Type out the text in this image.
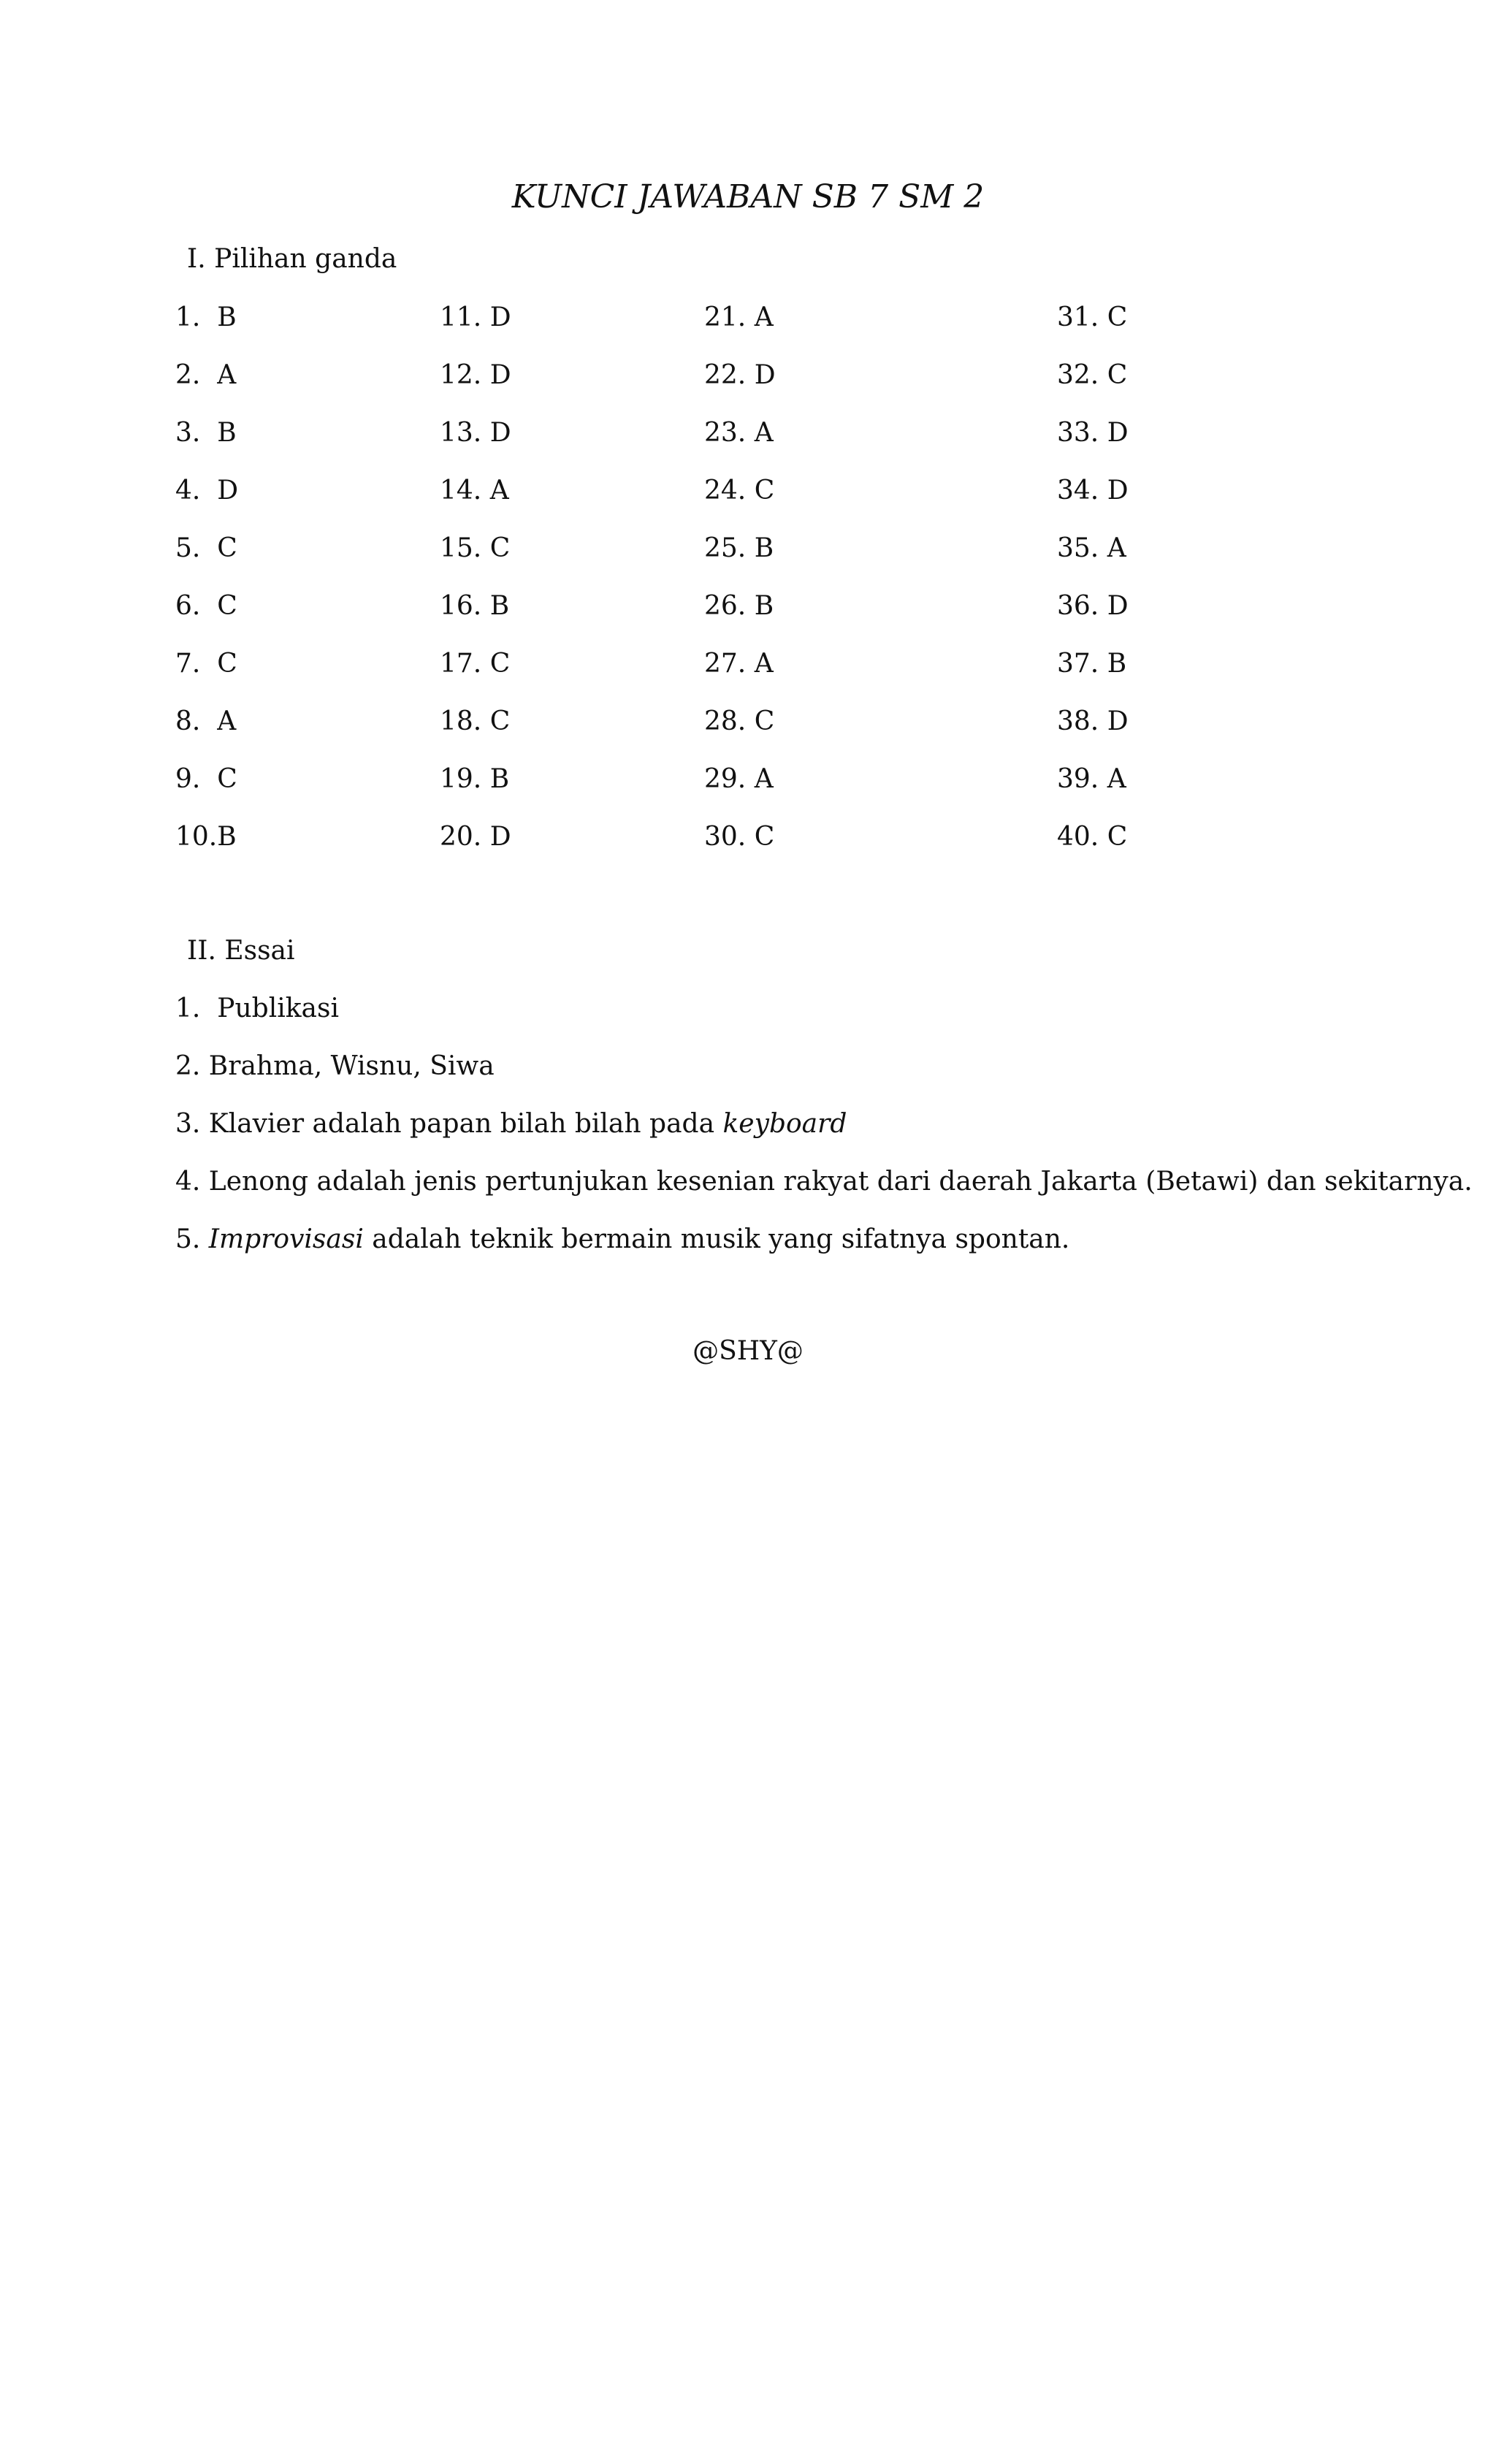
KUNCI JAWABAN SB 7 SM 2
I. Pilihan ganda
1.  B
2.  A
3.  B
4.  D
5.  C
6.  C
7.  C
8.  A
9.  C
10.B
11. D
12. D
13. D
14. A
15. C
16. B
17. C
18. C
19. B
20. D
21. A
22. D
23. A
24. C
25. B
26. B
27. A
28. C
29. A
30. C
31. C
32. C
33. D
34. D
35. A
36. D
37. B
38. D
39. A
40. C
II. Essai
1.  Publikasi
2. Brahma, Wisnu, Siwa
3. Klavier adalah papan bilah bilah pada keyboard
4. Lenong adalah jenis pertunjukan kesenian rakyat dari daerah Jakarta (Betawi) dan sekitarnya.
5. Improvisasi adalah teknik bermain musik yang sifatnya spontan.
@SHY@
